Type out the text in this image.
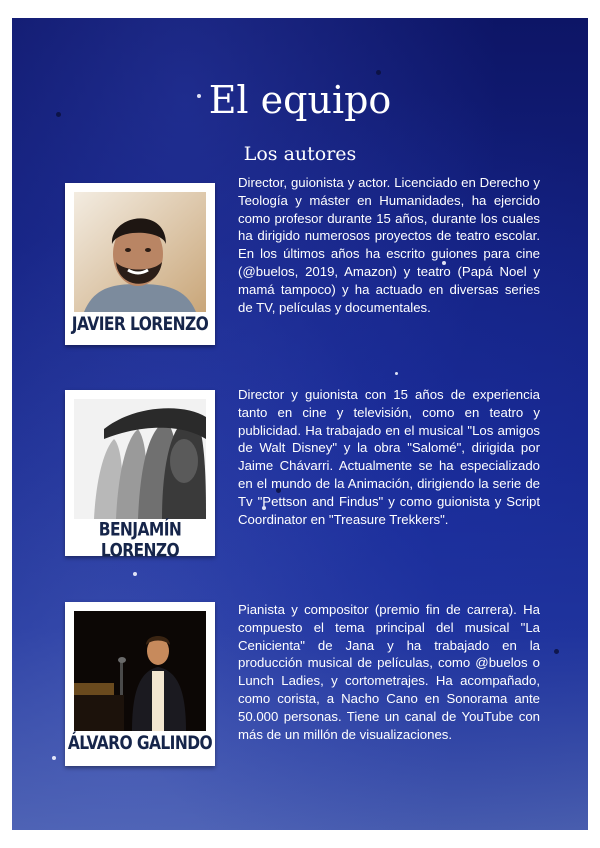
El equipo
Los autores
JAVIER LORENZO
Director, guionista y actor. Licenciado en Derecho y Teología y máster en Humanidades, ha ejercido como profesor durante 15 años, durante los cuales ha dirigido numerosos proyectos de teatro escolar. En los últimos años ha escrito guiones para cine (@buelos, 2019, Amazon) y teatro (Papá Noel y mamá tampoco) y ha actuado en diversas series de TV, películas y documentales.
BENJAMÍN LORENZO
Director y guionista con 15 años de experiencia tanto en cine y televisión, como en teatro y publicidad. Ha trabajado en el musical "Los amigos de Walt Disney" y la obra "Salomé", dirigida por Jaime Chávarri. Actualmente se ha especializado en el mundo de la Animación, dirigiendo la serie de Tv "Pettson and Findus" y como guionista y Script Coordinator en "Treasure Trekkers".
ÁLVARO GALINDO
Pianista y compositor (premio fin de carrera). Ha compuesto el tema principal del musical "La Cenicienta" de Jana y ha trabajado en la producción musical de películas, como @buelos o Lunch Ladies, y cortometrajes. Ha acompañado, como corista, a Nacho Cano en Sonorama ante 50.000 personas. Tiene un canal de YouTube con más de un millón de visualizaciones.
